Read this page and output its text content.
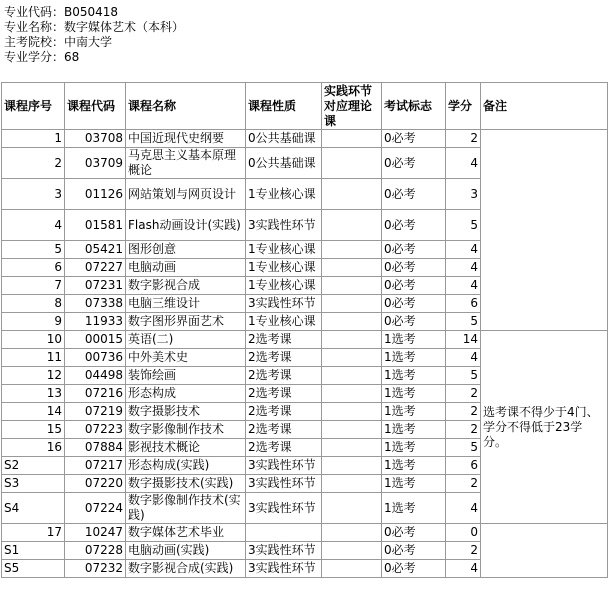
专业代码：B050418
专业名称：数字媒体艺术（本科）
主考院校：中南大学
专业学分：68
课程序号	课程代码	课程名称	课程性质	实践环节对应理论课	考试标志	学分	备注
1	03708	中国近现代史纲要	0公共基础课		0必考	2	
2	03709	马克思主义基本原理概论	0公共基础课		0必考	4	
3	01126	网站策划与网页设计	1专业核心课		0必考	3	
4	01581	Flash动画设计(实践)	3实践性环节		0必考	5	
5	05421	图形创意	1专业核心课		0必考	4	
6	07227	电脑动画	1专业核心课		0必考	4	
7	07231	数字影视合成	1专业核心课		0必考	4	
8	07338	电脑三维设计	3实践性环节		0必考	6	
9	11933	数字图形界面艺术	1专业核心课		0必考	5	
10	00015	英语(二)	2选考课		1选考	14	选考课不得少于4门、学分不得低于23学分。
11	00736	中外美术史	2选考课		1选考	4	
12	04498	装饰绘画	2选考课		1选考	5	
13	07216	形态构成	2选考课		1选考	2	
14	07219	数字摄影技术	2选考课		1选考	2	
15	07223	数字影像制作技术	2选考课		1选考	2	
16	07884	影视技术概论	2选考课		1选考	5	
S2	07217	形态构成(实践)	3实践性环节		1选考	6	
S3	07220	数字摄影技术(实践)	3实践性环节		1选考	2	
S4	07224	数字影像制作技术(实践)	3实践性环节		1选考	4	
17	10247	数字媒体艺术毕业			0必考	0	
S1	07228	电脑动画(实践)	3实践性环节		0必考	2	
S5	07232	数字影视合成(实践)	3实践性环节		0必考	4	
